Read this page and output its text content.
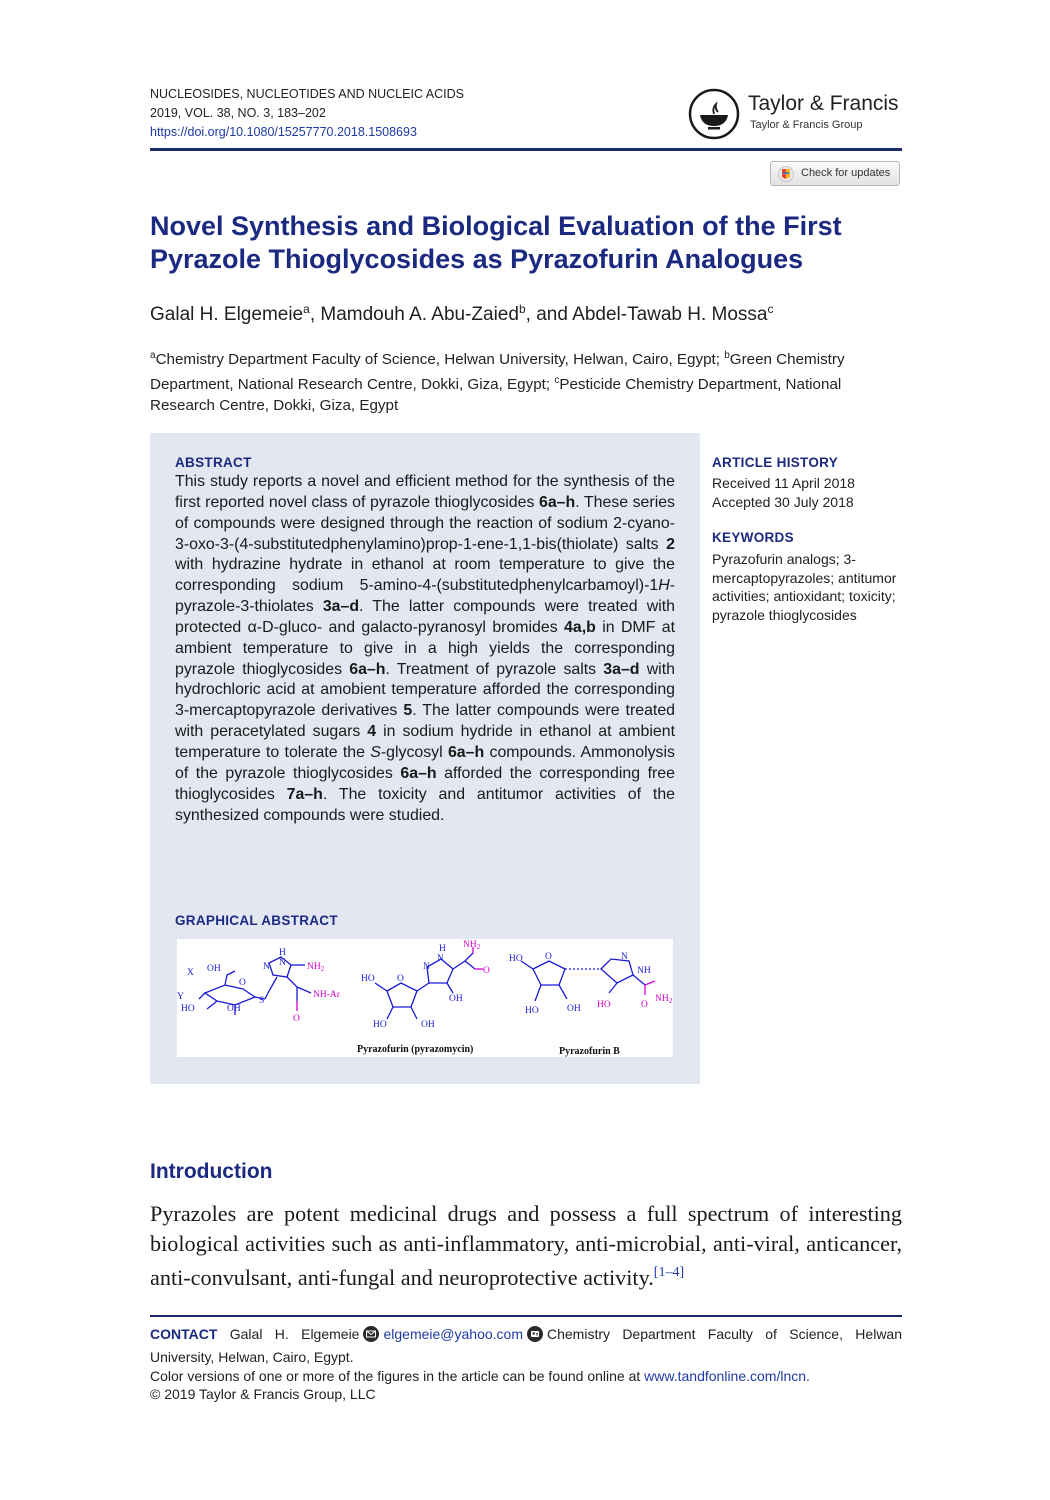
NUCLEOSIDES, NUCLEOTIDES AND NUCLEIC ACIDS
2019, VOL. 38, NO. 3, 183–202
https://doi.org/10.1080/15257770.2018.1508693
Taylor & Francis
Taylor & Francis Group
Check for updates
Novel Synthesis and Biological Evaluation of the First Pyrazole Thioglycosides as Pyrazofurin Analogues
Galal H. Elgemeie$^a$, Mamdouh A. Abu-Zaied$^b$, and Abdel-Tawab H. Mossa$^c$
$^a$Chemistry Department Faculty of Science, Helwan University, Helwan, Cairo, Egypt; $^b$Green Chemistry Department, National Research Centre, Dokki, Giza, Egypt; $^c$Pesticide Chemistry Department, National Research Centre, Dokki, Giza, Egypt
ABSTRACT

This study reports a novel and efficient method for the synthesis of the first reported novel class of pyrazole thioglycosides 6a–h. These series of compounds were designed through the reaction of sodium 2-cyano-3-oxo-3-(4-substitutedphenylamino)prop-1-ene-1,1-bis(thiolate) salts 2 with hydrazine hydrate in ethanol at room temperature to give the corresponding sodium 5-amino-4-(substitutedphenylcarbamoyl)-1H-pyrazole-3-thiolates 3a–d. The latter compounds were treated with protected α-D-gluco- and galacto-pyranosyl bromides 4a,b in DMF at ambient temperature to give in a high yields the corresponding pyrazole thioglycosides 6a–h. Treatment of pyrazole salts 3a–d with hydrochloric acid at amobient temperature afforded the corresponding 3-mercaptopyrazole derivatives 5. The latter compounds were treated with peracetylated sugars 4 in sodium hydride in ethanol at ambient temperature to tolerate the S-glycosyl 6a–h compounds. Ammonolysis of the pyrazole thioglycosides 6a–h afforded the corresponding free thioglycosides 7a–h. The toxicity and antitumor activities of the synthesized compounds were studied.

GRAPHICAL ABSTRACT
X OH
O
Y
HO	OH
S
H
N
N
HO O
HO	OH
H
N
N
OH
HO O
HO	OH
N
NH
$NH_2$
NH-Ar
O
$NH_2$
O
HO	O
$NH_2$
Pyrazofurin (pyrazomycin)	Pyrazofurin B
ARTICLE HISTORY
Received 11 April 2018
Accepted 30 July 2018
KEYWORDS
Pyrazofurin analogs; 3-mercaptopyrazoles; antitumor activities; antioxidant; toxicity; pyrazole thioglycosides
Introduction

Pyrazoles are potent medicinal drugs and possess a full spectrum of interesting biological activities such as anti-inflammatory, anti-microbial, anti-viral, anticancer, anti-convulsant, anti-fungal and neuroprotective activity.[1–4]

CONTACT Galal H. Elgemeie elgemeie@yahoo.com Chemistry Department Faculty of Science, Helwan University, Helwan, Cairo, Egypt.

Color versions of one or more of the figures in the article can be found online at www.tandfonline.com/lncn.

© 2019 Taylor & Francis Group, LLC
